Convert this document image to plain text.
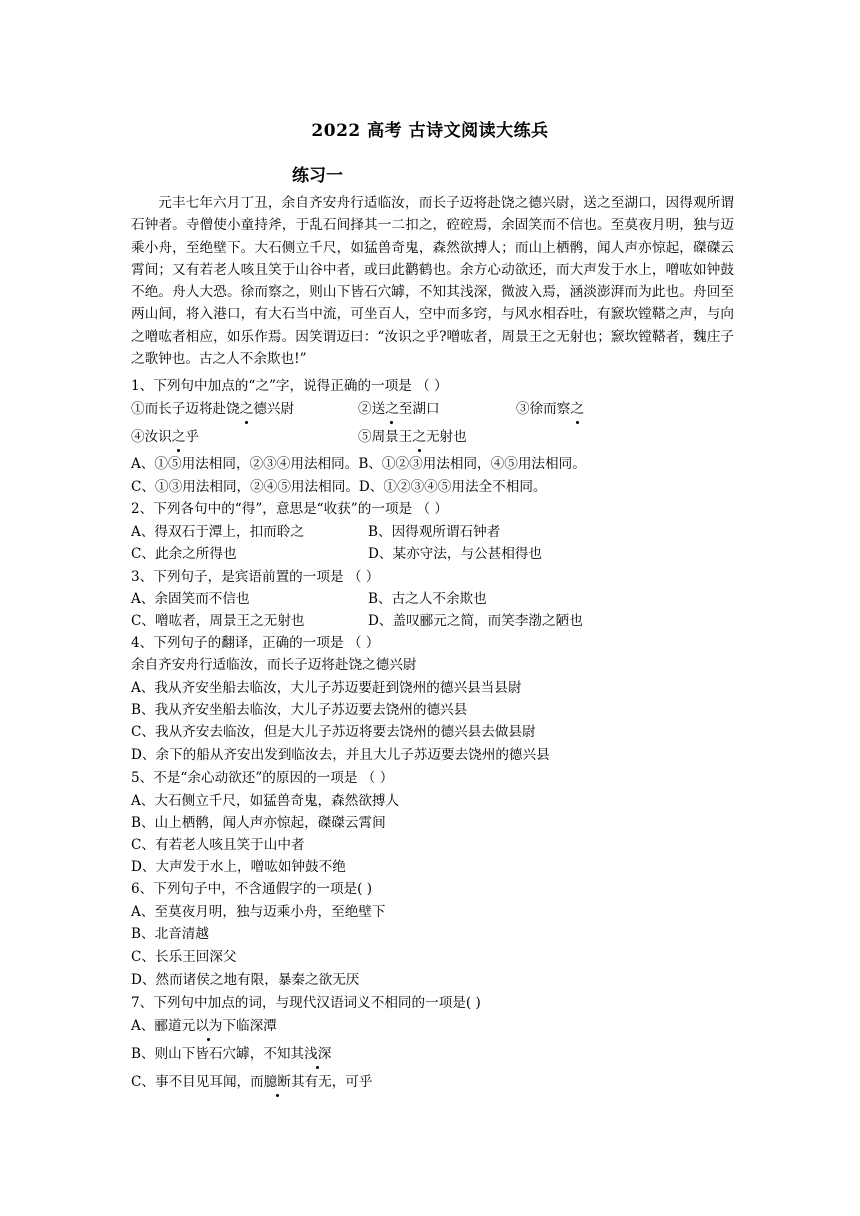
2022 高考 古诗文阅读大练兵
练习一
元丰七年六月丁丑，余自齐安舟行适临汝，而长子迈将赴饶之德兴尉，送之至湖口，因得观所谓石钟者。寺僧使小童持斧，于乱石间择其一二扣之，硿硿焉，余固笑而不信也。至莫夜月明，独与迈乘小舟，至绝壁下。大石侧立千尺，如猛兽奇鬼，森然欲搏人；而山上栖鹘，闻人声亦惊起，磔磔云霄间；又有若老人咳且笑于山谷中者，或曰此鹳鹤也。余方心动欲还，而大声发于水上，噌吰如钟鼓不绝。舟人大恐。徐而察之，则山下皆石穴罅，不知其浅深，微波入焉，涵淡澎湃而为此也。舟回至两山间，将入港口，有大石当中流，可坐百人，空中而多窍，与风水相吞吐，有窾坎镗鞳之声，与向之噌吰者相应，如乐作焉。因笑谓迈曰：“汝识之乎?噌吰者，周景王之无射也；窾坎镗鞳者，魏庄子之歌钟也。古之人不余欺也!”
1、下列句中加点的“之”字，说得正确的一项是 （ ）
①而长子迈将赴饶之德兴尉	②送之至湖口	③徐而察之
④汝识之乎	⑤周景王之无射也
A、①⑤用法相同，②③④用法相同。B、①②③用法相同，④⑤用法相同。
C、①③用法相同，②④⑤用法相同。D、①②③④⑤用法全不相同。
2、下列各句中的“得”，意思是“收获”的一项是 （ ）
A、得双石于潭上，扣而聆之	B、因得观所谓石钟者
C、此余之所得也	D、某亦守法，与公甚相得也
3、下列句子，是宾语前置的一项是 （ ）
A、余固笑而不信也	B、古之人不余欺也
C、噌吰者，周景王之无射也	D、盖叹郦元之简，而笑李渤之陋也
4、下列句子的翻译，正确的一项是 （ ）
余自齐安舟行适临汝，而长子迈将赴饶之德兴尉
A、我从齐安坐船去临汝，大儿子苏迈要赶到饶州的德兴县当县尉
B、我从齐安坐船去临汝，大儿子苏迈要去饶州的德兴县
C、我从齐安去临汝，但是大儿子苏迈将要去饶州的德兴县去做县尉
D、余下的船从齐安出发到临汝去，并且大儿子苏迈要去饶州的德兴县
5、不是“余心动欲还”的原因的一项是 （ ）
A、大石侧立千尺，如猛兽奇鬼，森然欲搏人
B、山上栖鹘，闻人声亦惊起，磔磔云霄间
C、有若老人咳且笑于山中者
D、大声发于水上，噌吰如钟鼓不绝
6、下列句子中，不含通假字的一项是( )
A、至莫夜月明，独与迈乘小舟，至绝壁下
B、北音清越
C、长乐王回深父
D、然而诸侯之地有限，暴秦之欲无厌
7、下列句中加点的词，与现代汉语词义不相同的一项是( )
A、郦道元以为下临深潭
B、则山下皆石穴罅，不知其浅深
C、事不目见耳闻，而臆断其有无，可乎
